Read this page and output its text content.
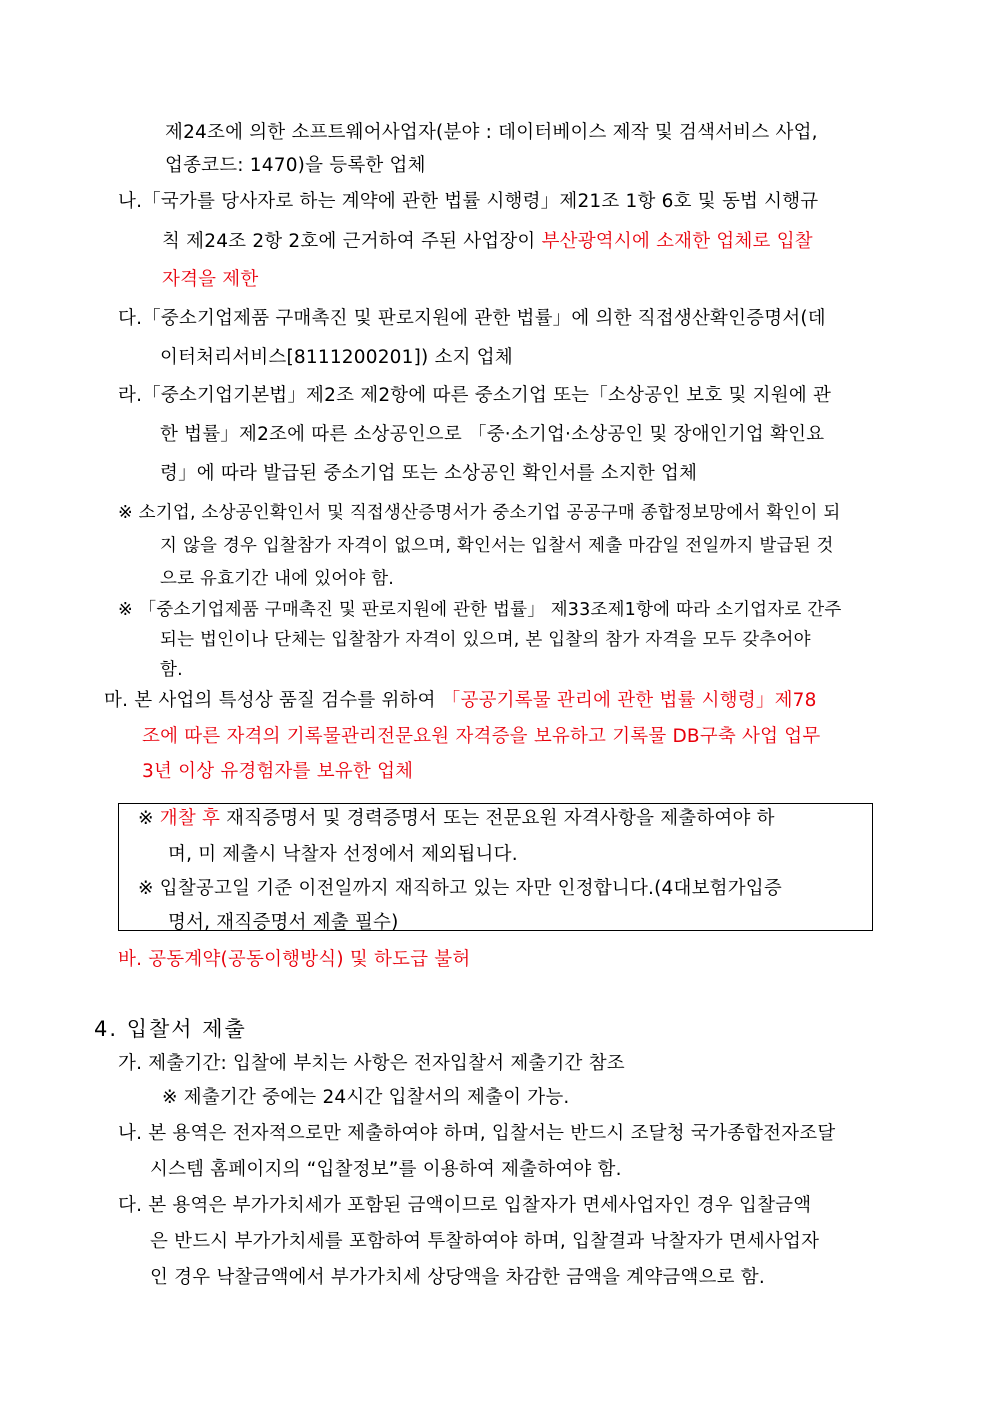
제24조에 의한 소프트웨어사업자(분야 : 데이터베이스 제작 및 검색서비스 사업,
업종코드: 1470)을 등록한 업체
나.「국가를 당사자로 하는 계약에 관한 법률 시행령」제21조 1항 6호 및 동법 시행규
칙 제24조 2항 2호에 근거하여 주된 사업장이 부산광역시에 소재한 업체로 입찰
자격을 제한
다.「중소기업제품 구매촉진 및 판로지원에 관한 법률」에 의한 직접생산확인증명서(데
이터처리서비스[8111200201]) 소지 업체
라.「중소기업기본법」제2조 제2항에 따른 중소기업 또는「소상공인 보호 및 지원에 관
한 법률」제2조에 따른 소상공인으로 「중·소기업·소상공인 및 장애인기업 확인요
령」에 따라 발급된 중소기업 또는 소상공인 확인서를 소지한 업체
※ 소기업, 소상공인확인서 및 직접생산증명서가 중소기업 공공구매 종합정보망에서 확인이 되
지 않을 경우 입찰참가 자격이 없으며, 확인서는 입찰서 제출 마감일 전일까지 발급된 것
으로 유효기간 내에 있어야 함.
※ 「중소기업제품 구매촉진 및 판로지원에 관한 법률」 제33조제1항에 따라 소기업자로 간주
되는 법인이나 단체는 입찰참가 자격이 있으며, 본 입찰의 참가 자격을 모두 갖추어야
함.
마. 본 사업의 특성상 품질 검수를 위하여 「공공기록물 관리에 관한 법률 시행령」제78
조에 따른 자격의 기록물관리전문요원 자격증을 보유하고 기록물 DB구축 사업 업무
3년 이상 유경험자를 보유한 업체
※ 개찰 후 재직증명서 및 경력증명서 또는 전문요원 자격사항을 제출하여야 하
며, 미 제출시 낙찰자 선정에서 제외됩니다.
※ 입찰공고일 기준 이전일까지 재직하고 있는 자만 인정합니다.(4대보험가입증
명서, 재직증명서 제출 필수)
바. 공동계약(공동이행방식) 및 하도급 불허
4. 입찰서 제출
가. 제출기간: 입찰에 부치는 사항은 전자입찰서 제출기간 참조
※ 제출기간 중에는 24시간 입찰서의 제출이 가능.
나. 본 용역은 전자적으로만 제출하여야 하며, 입찰서는 반드시 조달청 국가종합전자조달
시스템 홈페이지의 “입찰정보”를 이용하여 제출하여야 함.
다. 본 용역은 부가가치세가 포함된 금액이므로 입찰자가 면세사업자인 경우 입찰금액
은 반드시 부가가치세를 포함하여 투찰하여야 하며, 입찰결과 낙찰자가 면세사업자
인 경우 낙찰금액에서 부가가치세 상당액을 차감한 금액을 계약금액으로 함.
